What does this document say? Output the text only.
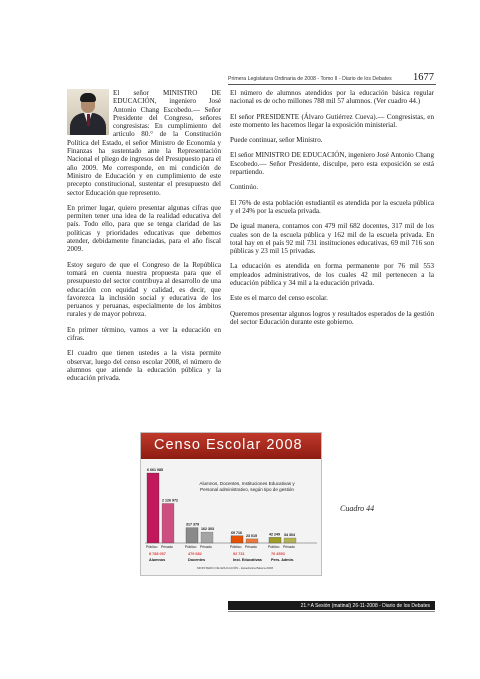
Primera Legislatura Ordinaria de 2008 - Tomo II - Diario de los Debates 1677

El señor MINISTRO DE EDUCACIÓN, ingeniero José Antonio Chang Escobedo.— Señor Presidente del Congreso, señores congresistas: En cumplimiento del artículo 80.° de la Constitución Política del Estado, el señor Ministro de Economía y Finanzas ha sustentado ante la Representación Nacional el pliego de ingresos del Presupuesto para el año 2009. Me corresponde, en mi condición de Ministro de Educación y en cumplimiento de este precepto constitucional, sustentar el presupuesto del sector Educación que represento.

En primer lugar, quiero presentar algunas cifras que permiten tener una idea de la realidad educativa del país. Todo ello, para que se tenga claridad de las políticas y prioridades educativas que debemos atender, debidamente financiadas, para el año fiscal 2009.

Estoy seguro de que el Congreso de la República tomará en cuenta nuestra propuesta para que el presupuesto del sector contribuya al desarrollo de una educación con equidad y calidad, es decir, que favorezca la inclusión social y educativa de los peruanos y peruanas, especialmente de los ámbitos rurales y de mayor pobreza.

En primer término, vamos a ver la educación en cifras.

El cuadro que tienen ustedes a la vista permite observar, luego del censo escolar 2008, el número de alumnos que atiende la educación pública y la educación privada.

El número de alumnos atendidos por la educación básica regular nacional es de ocho millones 788 mil 57 alumnos. (Ver cuadro 44.)

El señor PRESIDENTE (Álvaro Gutiérrez Cueva).— Congresistas, en este momento les hacemos llegar la exposición ministerial.

Puede continuar, señor Ministro.

El señor MINISTRO DE EDUCACIÓN, ingeniero José Antonio Chang Escobedo.— Señor Presidente, disculpe, pero esta exposición se está repartiendo.

Continúo.

El 76% de esta población estudiantil es atendida por la escuela pública y el 24% por la escuela privada.

De igual manera, contamos con 479 mil 682 docentes, 317 mil de los cuales son de la escuela pública y 162 mil de la escuela privada. En total hay en el país 92 mil 731 instituciones educativas, 69 mil 716 son públicas y 23 mil 15 privadas.

La educación es atendida en forma permanente por 76 mil 553 empleados administrativos, de los cuales 42 mil pertenecen a la educación pública y 34 mil a la educación privada.

Este es el marco del censo escolar.

Queremos presentar algunos logros y resultados esperados de la gestión del sector Educación durante este gobierno.

Censo Escolar 2008
Alumnos, Docentes, Instituciones Educativas y Personal administrativo, según tipo de gestión
6 661 085
Público
2 126 972
Privado
8 788 057
Alumnos
317 379
Público
162 303
Privado
479 682
Docentes
69 716
Público
23 015
Privado
92 731
Inst. Educativas
42 249
Público
34 304
Privado
76 4553
Pers. Admin.
MINISTERIO DE EDUCACIÓN - Estadística Básica 2008
Cuadro 44
21.ª A Sesión (matinal) 26-11-2008 - Diario de los Debates
